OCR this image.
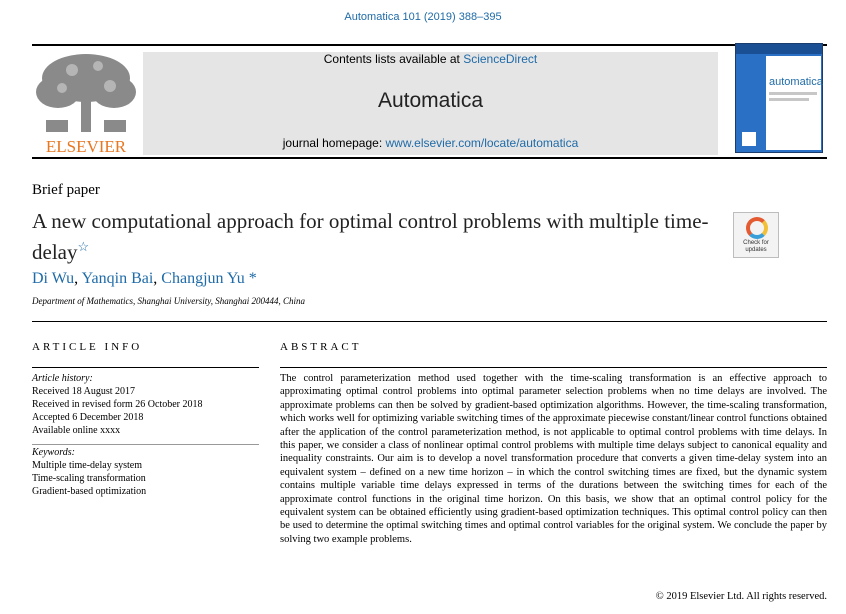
Automatica 101 (2019) 388–395
ELSEVIER
Contents lists available at ScienceDirect
Automatica
journal homepage: www.elsevier.com/locate/automatica
automatica
Brief paper
A new computational approach for optimal control problems with multiple time-delay☆	Check for updates
Di Wu, Yanqin Bai, Changjun Yu *
Department of Mathematics, Shanghai University, Shanghai 200444, China
ARTICLE INFO	ABSTRACT
Article history:
Received 18 August 2017
Received in revised form 26 October 2018
Accepted 6 December 2018
Available online xxxx
Keywords:
Multiple time-delay system
Time-scaling transformation
Gradient-based optimization
The control parameterization method used together with the time-scaling transformation is an effective approach to approximating optimal control problems into optimal parameter selection problems when no time delays are involved. The approximate problems can then be solved by gradient-based optimization algorithms. However, the time-scaling transformation, which works well for optimizing variable switching times of the approximate piecewise constant/linear control functions obtained after the application of the control parameterization method, is not applicable to optimal control problems with time delays. In this paper, we consider a class of nonlinear optimal control problems with multiple time delays subject to canonical equality and inequality constraints. Our aim is to develop a novel transformation procedure that converts a given time-delay system into an equivalent system – defined on a new time horizon – in which the control switching times are fixed, but the dynamic system contains multiple variable time delays expressed in terms of the durations between the switching times for each of the approximate control functions in the original time horizon. On this basis, we show that an optimal control policy for the equivalent system can be obtained efficiently using gradient-based optimization techniques. This optimal control policy can then be used to determine the optimal switching times and optimal control variables for the original system. We conclude the paper by solving two example problems.
© 2019 Elsevier Ltd. All rights reserved.
